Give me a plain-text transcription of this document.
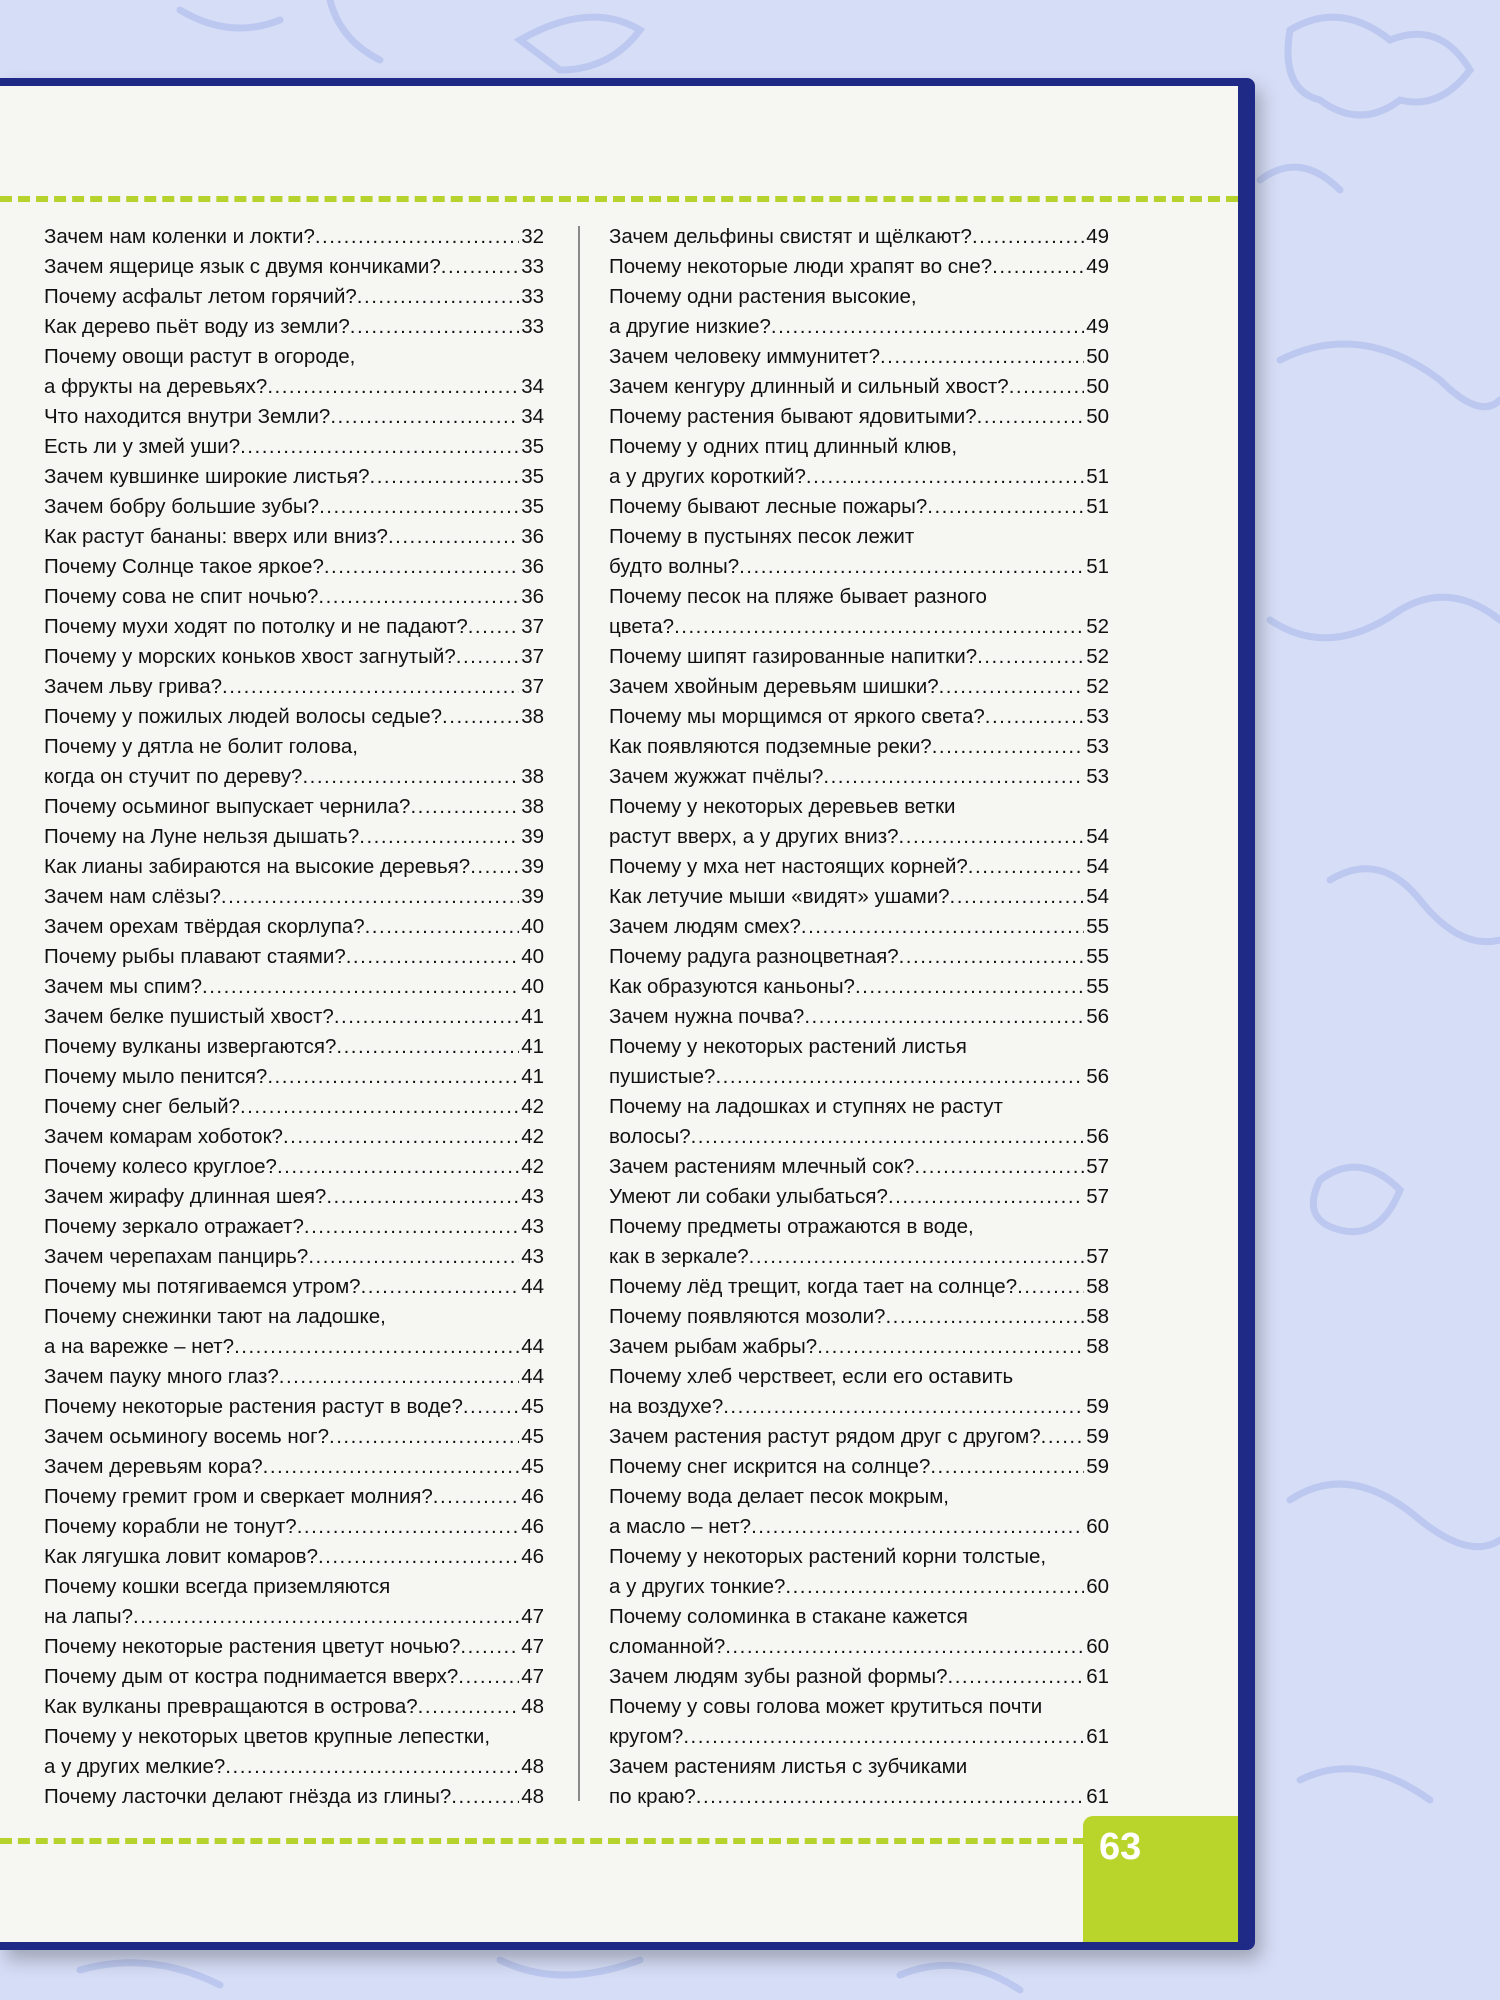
Зачем нам коленки и локти? .....	32
Зачем ящерице язык с двумя кончиками? .....	33
Почему асфальт летом горячий? .....	33
Как дерево пьёт воду из земли? .....	33
Почему овощи растут в огороде,
а фрукты на деревьях? .....	34
Что находится внутри Земли? .....	34
Есть ли у змей уши? .....	35
Зачем кувшинке широкие листья? .....	35
Зачем бобру большие зубы? .....	35
Как растут бананы: вверх или вниз? .....	36
Почему Солнце такое яркое? .....	36
Почему сова не спит ночью? .....	36
Почему мухи ходят по потолку и не падают? .....	37
Почему у морских коньков хвост загнутый? .....	37
Зачем льву грива? .....	37
Почему у пожилых людей волосы седые? .....	38
Почему у дятла не болит голова,
когда он стучит по дереву? .....	38
Почему осьминог выпускает чернила? .....	38
Почему на Луне нельзя дышать? .....	39
Как лианы забираются на высокие деревья? ..... 39
Зачем нам слёзы? .....	39
Зачем орехам твёрдая скорлупа? .....	40
Почему рыбы плавают стаями? .....	40
Зачем мы спим? .....	40
Зачем белке пушистый хвост? .....	41
Почему вулканы извергаются? .....	41
Почему мыло пенится? .....	41
Почему снег белый? .....	42
Зачем комарам хоботок? .....	42
Почему колесо круглое? .....	42
Зачем жирафу длинная шея? .....	43
Почему зеркало отражает? .....	43
Зачем черепахам панцирь? .....	43
Почему мы потягиваемся утром? .....	44
Почему снежинки тают на ладошке,
а на варежке – нет? .....	44
Зачем пауку много глаз? .....	44
Почему некоторые растения растут в воде? .....	45
Зачем осьминогу восемь ног? .....	45
Зачем деревьям кора? .....	45
Почему гремит гром и сверкает молния? .....	46
Почему корабли не тонут? .....	46
Как лягушка ловит комаров? .....	46
Почему кошки всегда приземляются
на лапы? .....	47
Почему некоторые растения цветут ночью? .....	47
Почему дым от костра поднимается вверх? .....	47
Как вулканы превращаются в острова? .....	48
Почему у некоторых цветов крупные лепестки,
а у других мелкие? .....	48
Почему ласточки делают гнёзда из глины? .....	48
Зачем дельфины свистят и щёлкают? .....	49
Почему некоторые люди храпят во сне? .....	49
Почему одни растения высокие,
а другие низкие? .....	49
Зачем человеку иммунитет? .....	50
Зачем кенгуру длинный и сильный хвост? .....	50
Почему растения бывают ядовитыми? .....	50
Почему у одних птиц длинный клюв,
а у других короткий? .....	51
Почему бывают лесные пожары? .....	51
Почему в пустынях песок лежит
будто волны? .....	51
Почему песок на пляже бывает разного
цвета? .....	52
Почему шипят газированные напитки? .....	52
Зачем хвойным деревьям шишки? .....	52
Почему мы морщимся от яркого света? .....	53
Как появляются подземные реки? .....	53
Зачем жужжат пчёлы? .....	53
Почему у некоторых деревьев ветки
растут вверх, а у других вниз? .....	54
Почему у мха нет настоящих корней? .....	54
Как летучие мыши «видят» ушами? .....	54
Зачем людям смех? .....	55
Почему радуга разноцветная? .....	55
Как образуются каньоны? .....	55
Зачем нужна почва? .....	56
Почему у некоторых растений листья
пушистые? .....	56
Почему на ладошках и ступнях не растут
волосы? .....	56
Зачем растениям млечный сок? .....	57
Умеют ли собаки улыбаться? .....	57
Почему предметы отражаются в воде,
как в зеркале? .....	57
Почему лёд трещит, когда тает на солнце? .....	58
Почему появляются мозоли? .....	58
Зачем рыбам жабры? .....	58
Почему хлеб черствеет, если его оставить
на воздухе? .....	59
Зачем растения растут рядом друг с другом? ..... 59
Почему снег искрится на солнце? .....	59
Почему вода делает песок мокрым,
а масло – нет? .....	60
Почему у некоторых растений корни толстые,
а у других тонкие? .....	60
Почему соломинка в стакане кажется
сломанной? .....	60
Зачем людям зубы разной формы? .....	61
Почему у совы голова может крутиться почти
кругом? .....	61
Зачем растениям листья с зубчиками
по краю? .....	61
63
